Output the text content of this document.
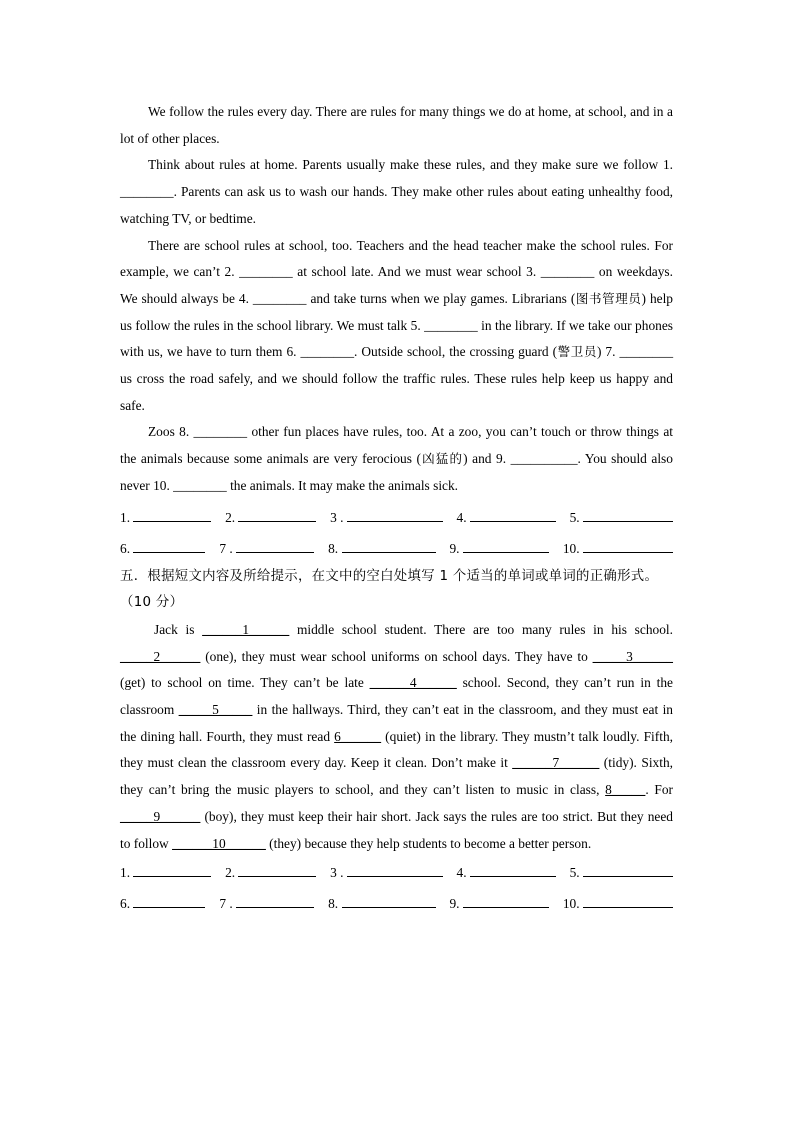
We follow the rules every day. There are rules for many things we do at home, at school, and in a lot of other places.

Think about rules at home. Parents usually make these rules, and they make sure we follow 1. ________. Parents can ask us to wash our hands. They make other rules about eating unhealthy food, watching TV, or bedtime.

There are school rules at school, too. Teachers and the head teacher make the school rules. For example, we can’t 2. ________ at school late. And we must wear school 3. ________ on weekdays. We should always be 4. ________ and take turns when we play games. Librarians (图书管理员) help us follow the rules in the school library. We must talk 5. ________ in the library. If we take our phones with us, we have to turn them 6. ________. Outside school, the crossing guard (警卫员) 7. ________ us cross the road safely, and we should follow the traffic rules. These rules help keep us happy and safe.

Zoos 8. ________ other fun places have rules, too. At a zoo, you can’t touch or throw things at the animals because some animals are very ferocious (凶猛的) and 9. __________. You should also never 10. ________ the animals. It may make the animals sick.

1.	2.	3 .	4.	5.
6.	7 .	8.	9.	10.

五．根据短文内容及所给提示，在文中的空白处填写 1 个适当的单词或单词的正确形式。（10 分）

Jack is ______1______ middle school student. There are too many rules in his school. _____2______ (one), they must wear school uniforms on school days. They have to _____3______ (get) to school on time. They can’t be late ______4______ school. Second, they can’t run in the classroom _____5_____ in the hallways. Third, they can’t eat in the classroom, and they must eat in the dining hall. Fourth, they must read 6______ (quiet) in the library. They mustn’t talk loudly. Fifth, they must clean the classroom every day. Keep it clean. Don’t make it ______7______ (tidy). Sixth, they can’t bring the music players to school, and they can’t listen to music in class, 8_____. For _____9______ (boy), they must keep their hair short. Jack says the rules are too strict. But they need to follow ______10______ (they) because they help students to become a better person.

1.	2.	3 .	4.	5.
6.	7 .	8.	9.	10.
